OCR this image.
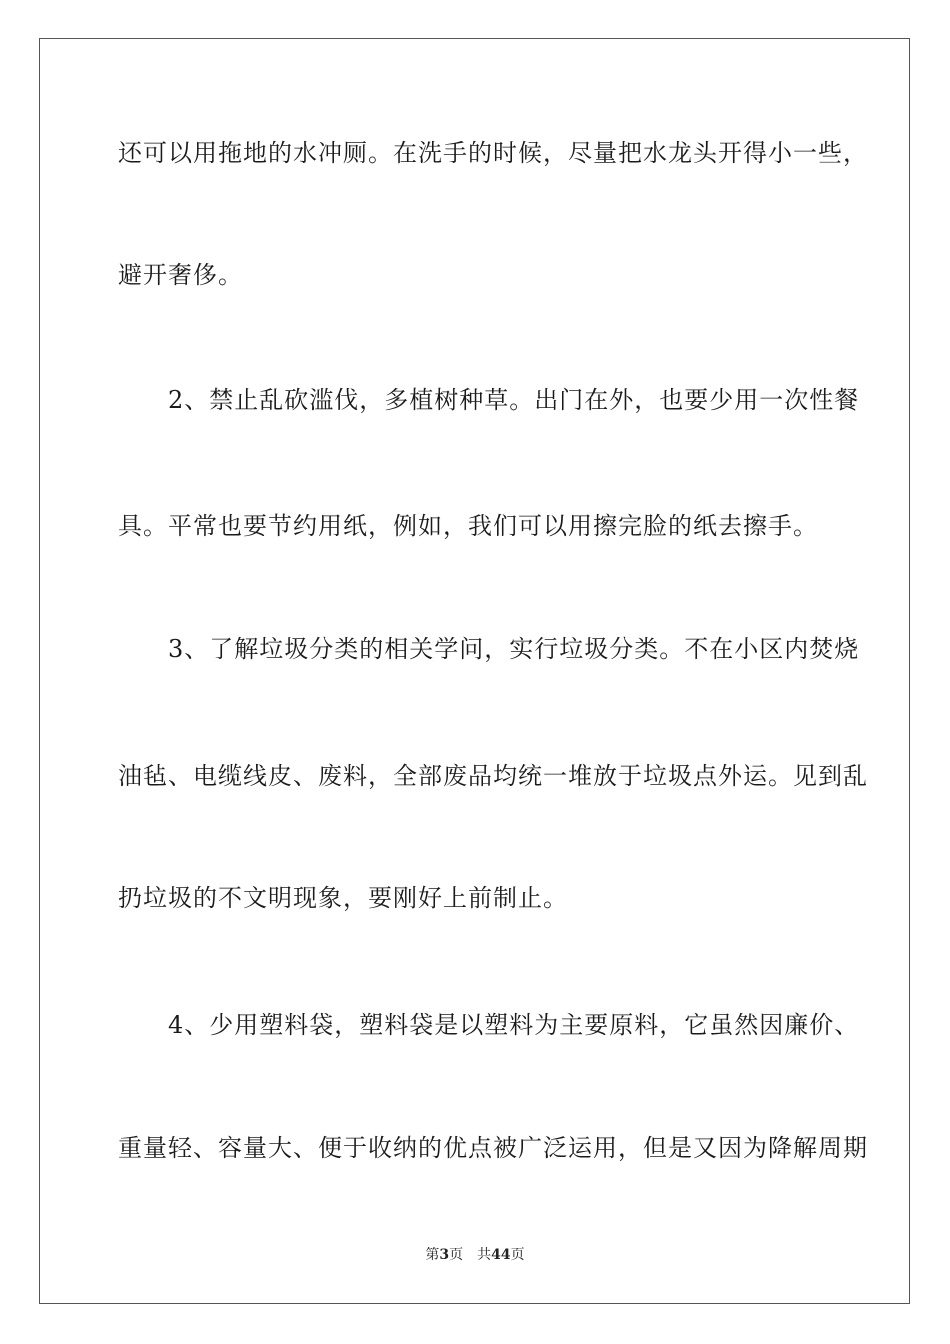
还可以用拖地的水冲厕。在洗手的时候，尽量把水龙头开得小一些，
避开奢侈。
　　2、禁止乱砍滥伐，多植树种草。出门在外，也要少用一次性餐
具。平常也要节约用纸，例如，我们可以用擦完脸的纸去擦手。
　　3、了解垃圾分类的相关学问，实行垃圾分类。不在小区内焚烧
油毡、电缆线皮、废料，全部废品均统一堆放于垃圾点外运。见到乱
扔垃圾的不文明现象，要刚好上前制止。
　　4、少用塑料袋，塑料袋是以塑料为主要原料，它虽然因廉价、
重量轻、容量大、便于收纳的优点被广泛运用，但是又因为降解周期
第3页 共44页
